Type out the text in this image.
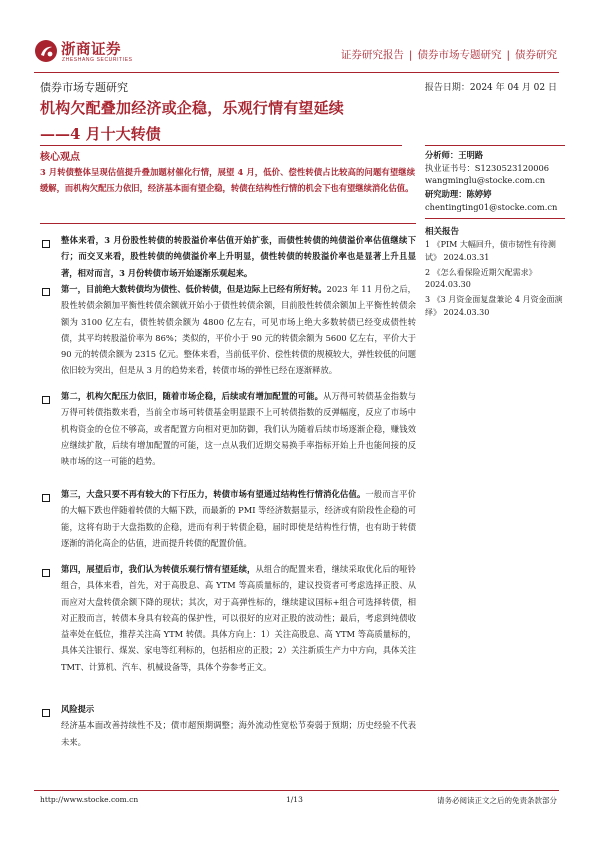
浙商证券
ZHESHANG SECURITIES	证券研究报告 | 债券市场专题研究 | 债券研究
债券市场专题研究	报告日期：2024 年 04 月 02 日
机构欠配叠加经济或企稳，乐观行情有望延续
——4 月十大转债
核心观点
3 月转债整体呈现估值提升叠加题材催化行情，展望 4 月，低价、偿性转债占比较高的问题有望继续缓解，而机构欠配压力依旧，经济基本面有望企稳，转债在结构性行情的机会下也有望继续消化估值。
分析师：王明路
执业证书号：S1230523120006
wangminglu@stocke.com.cn
研究助理：陈婷婷
chentingting01@stocke.com.cn
相关报告
1 《PIM 大幅回升，债市韧性有待测试》 2024.03.31
2 《怎么看保险近期欠配需求》
2024.03.30
3 《3 月资金面复盘兼论 4 月资金面演绎》 2024.03.30
整体来看，3 月份股性转债的转股溢价率估值开始扩张，而债性转债的纯债溢价率估值继续下行；而交叉来看，股性转债的纯债溢价率上升明显，债性转债的转股溢价率也是显著上升且显著，相对而言，3 月份转债市场开始逐渐乐观起来。
第一，目前绝大数转债均为债性、低价转债，但是边际上已经有所好转。2023 年 11 月份之后，股性转债余额加平衡性转债余额就开始小于债性转债余额，目前股性转债余额加上平衡性转债余额为 3100 亿左右，债性转债余额为 4800 亿左右，可见市场上绝大多数转债已经变成债性转债，其平均转股溢价率为 86%；类似的，平价小于 90 元的转债余额为 5600 亿左右，平价大于 90 元的转债余额为 2315 亿元。整体来看，当前低平价、偿性转债的规模较大，弹性较低的问题依旧较为突出，但是从 3 月的趋势来看，转债市场的弹性已经在逐渐释放。
第二，机构欠配压力依旧，随着市场企稳，后续或有增加配置的可能。从万得可转债基金指数与万得可转债指数来看，当前全市场可转债基金明显跟不上可转债指数的反弹幅度，反应了市场中机构资金的仓位不够高，或者配置方向相对更加防御，我们认为随着后续市场逐渐企稳，赚钱效应继续扩散，后续有增加配置的可能，这一点从我们近期交易换手率指标开始上升也能间接的反映市场的这一可能的趋势。
第三，大盘只要不再有较大的下行压力，转债市场有望通过结构性行情消化估值。一般而言平价的大幅下跌也伴随着转债的大幅下跌，而最新的 PMI 等经济数据显示，经济或有阶段性企稳的可能，这将有助于大盘指数的企稳，进而有利于转债企稳，届时即使是结构性行情，也有助于转债逐渐的消化高企的估值，进而提升转债的配置价值。
第四，展望后市，我们认为转债乐观行情有望延续，从组合的配置来看，继续采取优化后的哑铃组合，具体来看，首先，对于高股息、高 YTM 等高质量标的，建议投资者可考虑选择正股、从而应对大盘转债余额下降的现状；其次，对于高弹性标的，继续建议国标+组合可选择转债，相对正股而言，转债本身具有较高的保护性，可以很好的应对正股的波动性；最后，考虑到纯债收益率处在低位，推荐关注高 YTM 转债。具体方向上：1）关注高股息、高 YTM 等高质量标的，具体关注银行、煤炭、家电等红利标的，包括相应的正股；2）关注新质生产力中方向，具体关注 TMT、计算机、汽车、机械设备等，具体个券参考正文。
风险提示
经济基本面改善持续性不及；债市超预期调整；海外流动性宽松节奏弱于预期；历史经验不代表未来。
http://www.stocke.com.cn	1/13	请务必阅读正文之后的免责条款部分
